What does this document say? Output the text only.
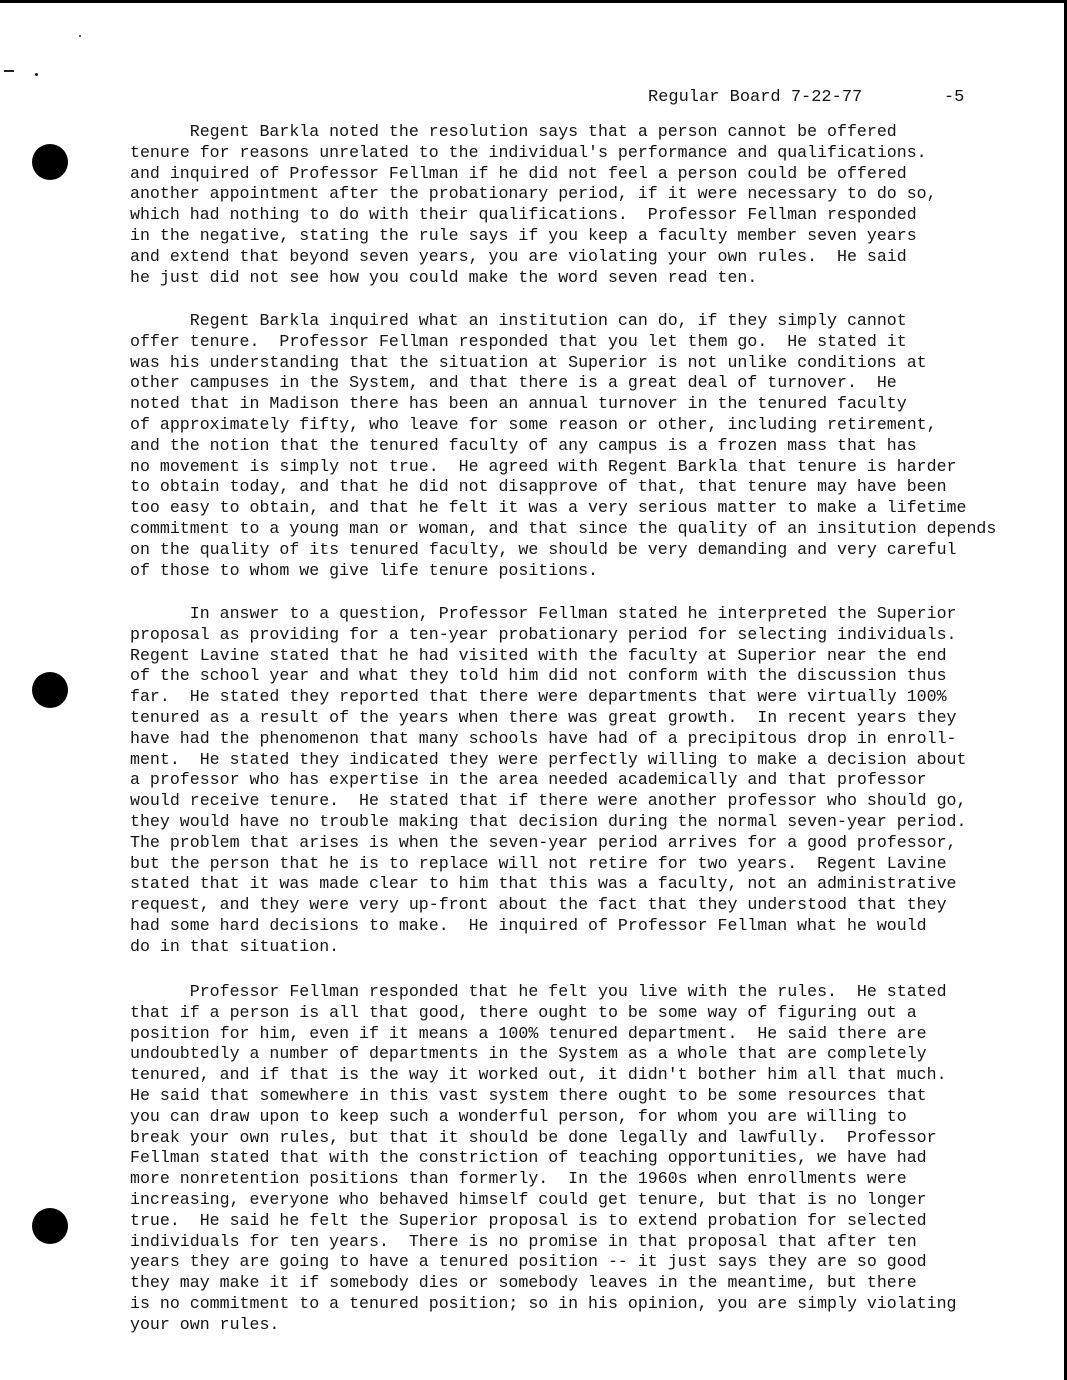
Regular Board 7-22-77	-5
Regent Barkla noted the resolution says that a person cannot be offered
tenure for reasons unrelated to the individual's performance and qualifications.
and inquired of Professor Fellman if he did not feel a person could be offered
another appointment after the probationary period, if it were necessary to do so,
which had nothing to do with their qualifications.  Professor Fellman responded
in the negative, stating the rule says if you keep a faculty member seven years
and extend that beyond seven years, you are violating your own rules.  He said
he just did not see how you could make the word seven read ten.
Regent Barkla inquired what an institution can do, if they simply cannot
offer tenure.  Professor Fellman responded that you let them go.  He stated it
was his understanding that the situation at Superior is not unlike conditions at
other campuses in the System, and that there is a great deal of turnover.  He
noted that in Madison there has been an annual turnover in the tenured faculty
of approximately fifty, who leave for some reason or other, including retirement,
and the notion that the tenured faculty of any campus is a frozen mass that has
no movement is simply not true.  He agreed with Regent Barkla that tenure is harder
to obtain today, and that he did not disapprove of that, that tenure may have been
too easy to obtain, and that he felt it was a very serious matter to make a lifetime
commitment to a young man or woman, and that since the quality of an insitution depends
on the quality of its tenured faculty, we should be very demanding and very careful
of those to whom we give life tenure positions.
In answer to a question, Professor Fellman stated he interpreted the Superior
proposal as providing for a ten-year probationary period for selecting individuals.
Regent Lavine stated that he had visited with the faculty at Superior near the end
of the school year and what they told him did not conform with the discussion thus
far.  He stated they reported that there were departments that were virtually 100%
tenured as a result of the years when there was great growth.  In recent years they
have had the phenomenon that many schools have had of a precipitous drop in enroll-
ment.  He stated they indicated they were perfectly willing to make a decision about
a professor who has expertise in the area needed academically and that professor
would receive tenure.  He stated that if there were another professor who should go,
they would have no trouble making that decision during the normal seven-year period.
The problem that arises is when the seven-year period arrives for a good professor,
but the person that he is to replace will not retire for two years.  Regent Lavine
stated that it was made clear to him that this was a faculty, not an administrative
request, and they were very up-front about the fact that they understood that they
had some hard decisions to make.  He inquired of Professor Fellman what he would
do in that situation.
Professor Fellman responded that he felt you live with the rules.  He stated
that if a person is all that good, there ought to be some way of figuring out a
position for him, even if it means a 100% tenured department.  He said there are
undoubtedly a number of departments in the System as a whole that are completely
tenured, and if that is the way it worked out, it didn't bother him all that much.
He said that somewhere in this vast system there ought to be some resources that
you can draw upon to keep such a wonderful person, for whom you are willing to
break your own rules, but that it should be done legally and lawfully.  Professor
Fellman stated that with the constriction of teaching opportunities, we have had
more nonretention positions than formerly.  In the 1960s when enrollments were
increasing, everyone who behaved himself could get tenure, but that is no longer
true.  He said he felt the Superior proposal is to extend probation for selected
individuals for ten years.  There is no promise in that proposal that after ten
years they are going to have a tenured position -- it just says they are so good
they may make it if somebody dies or somebody leaves in the meantime, but there
is no commitment to a tenured position; so in his opinion, you are simply violating
your own rules.
